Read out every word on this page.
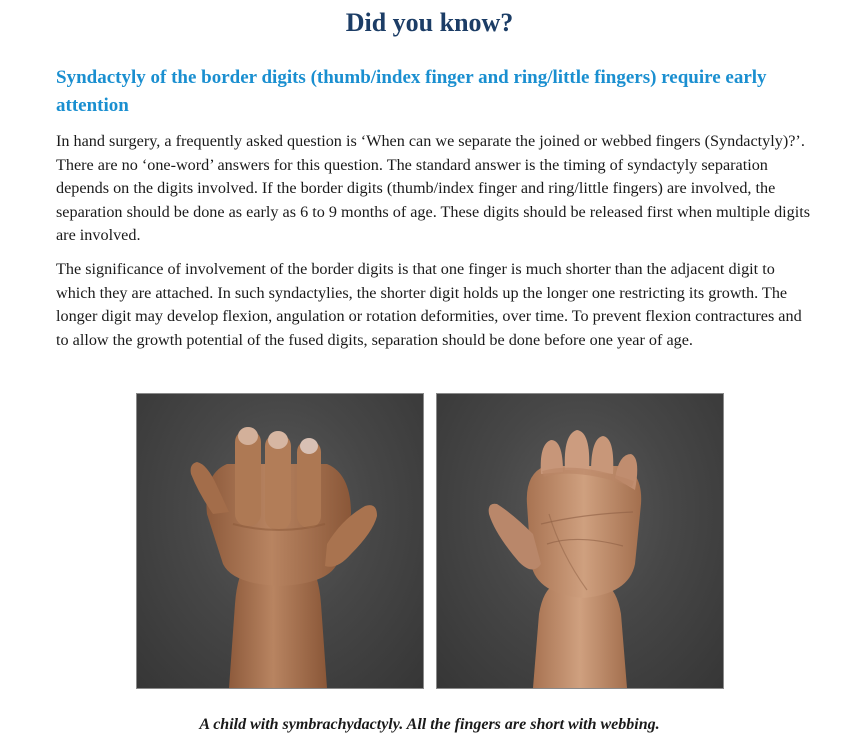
Did you know?
Syndactyly of the border digits (thumb/index finger and ring/little fingers) require early attention

In hand surgery, a frequently asked question is ‘When can we separate the joined or webbed fingers (Syndactyly)?’. There are no ‘one-word’ answers for this question. The standard answer is the timing of syndactyly separation depends on the digits involved. If the border digits (thumb/index finger and ring/little fingers) are involved, the separation should be done as early as 6 to 9 months of age. These digits should be released first when multiple digits are involved.

The significance of involvement of the border digits is that one finger is much shorter than the adjacent digit to which they are attached. In such syndactylies, the shorter digit holds up the longer one restricting its growth. The longer digit may develop flexion, angulation or rotation deformities, over time. To prevent flexion contractures and to allow the growth potential of the fused digits, separation should be done before one year of age.

A child with symbrachydactyly. All the fingers are short with webbing.
